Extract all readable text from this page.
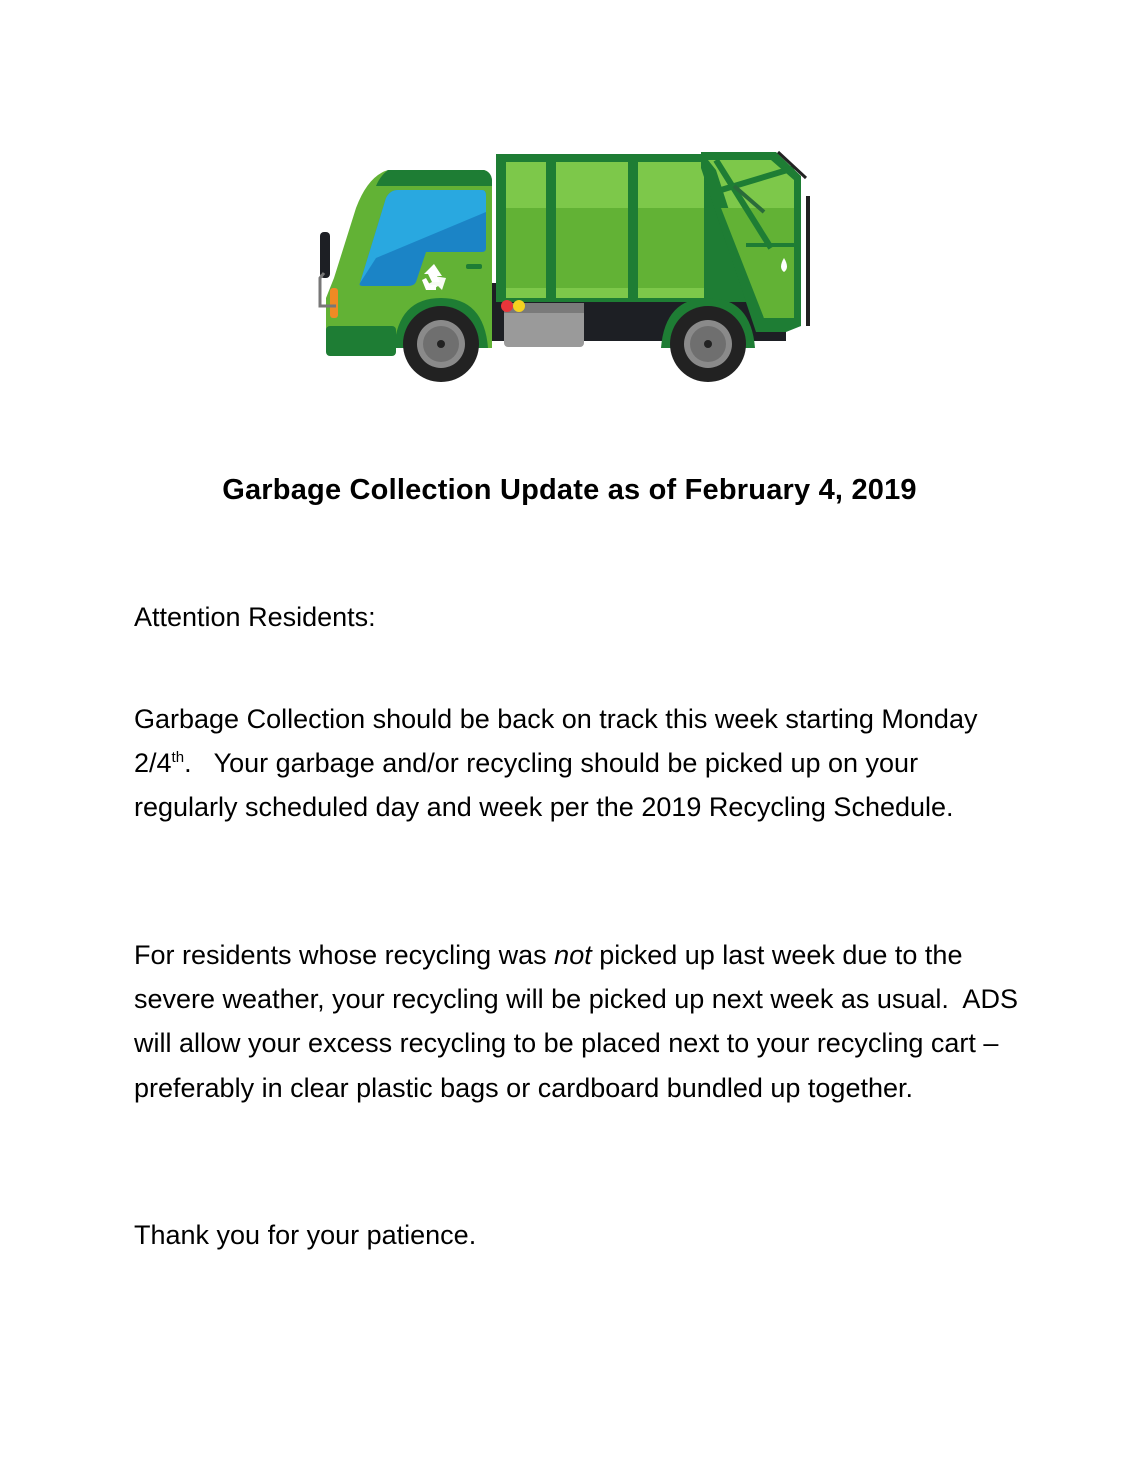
Garbage Collection Update as of February 4, 2019
Attention Residents:
Garbage Collection should be back on track this week starting Monday 2/4th.   Your garbage and/or recycling should be picked up on your regularly scheduled day and week per the 2019 Recycling Schedule.
For residents whose recycling was not picked up last week due to the severe weather, your recycling will be picked up next week as usual.  ADS will allow your excess recycling to be placed next to your recycling cart – preferably in clear plastic bags or cardboard bundled up together.
Thank you for your patience.
